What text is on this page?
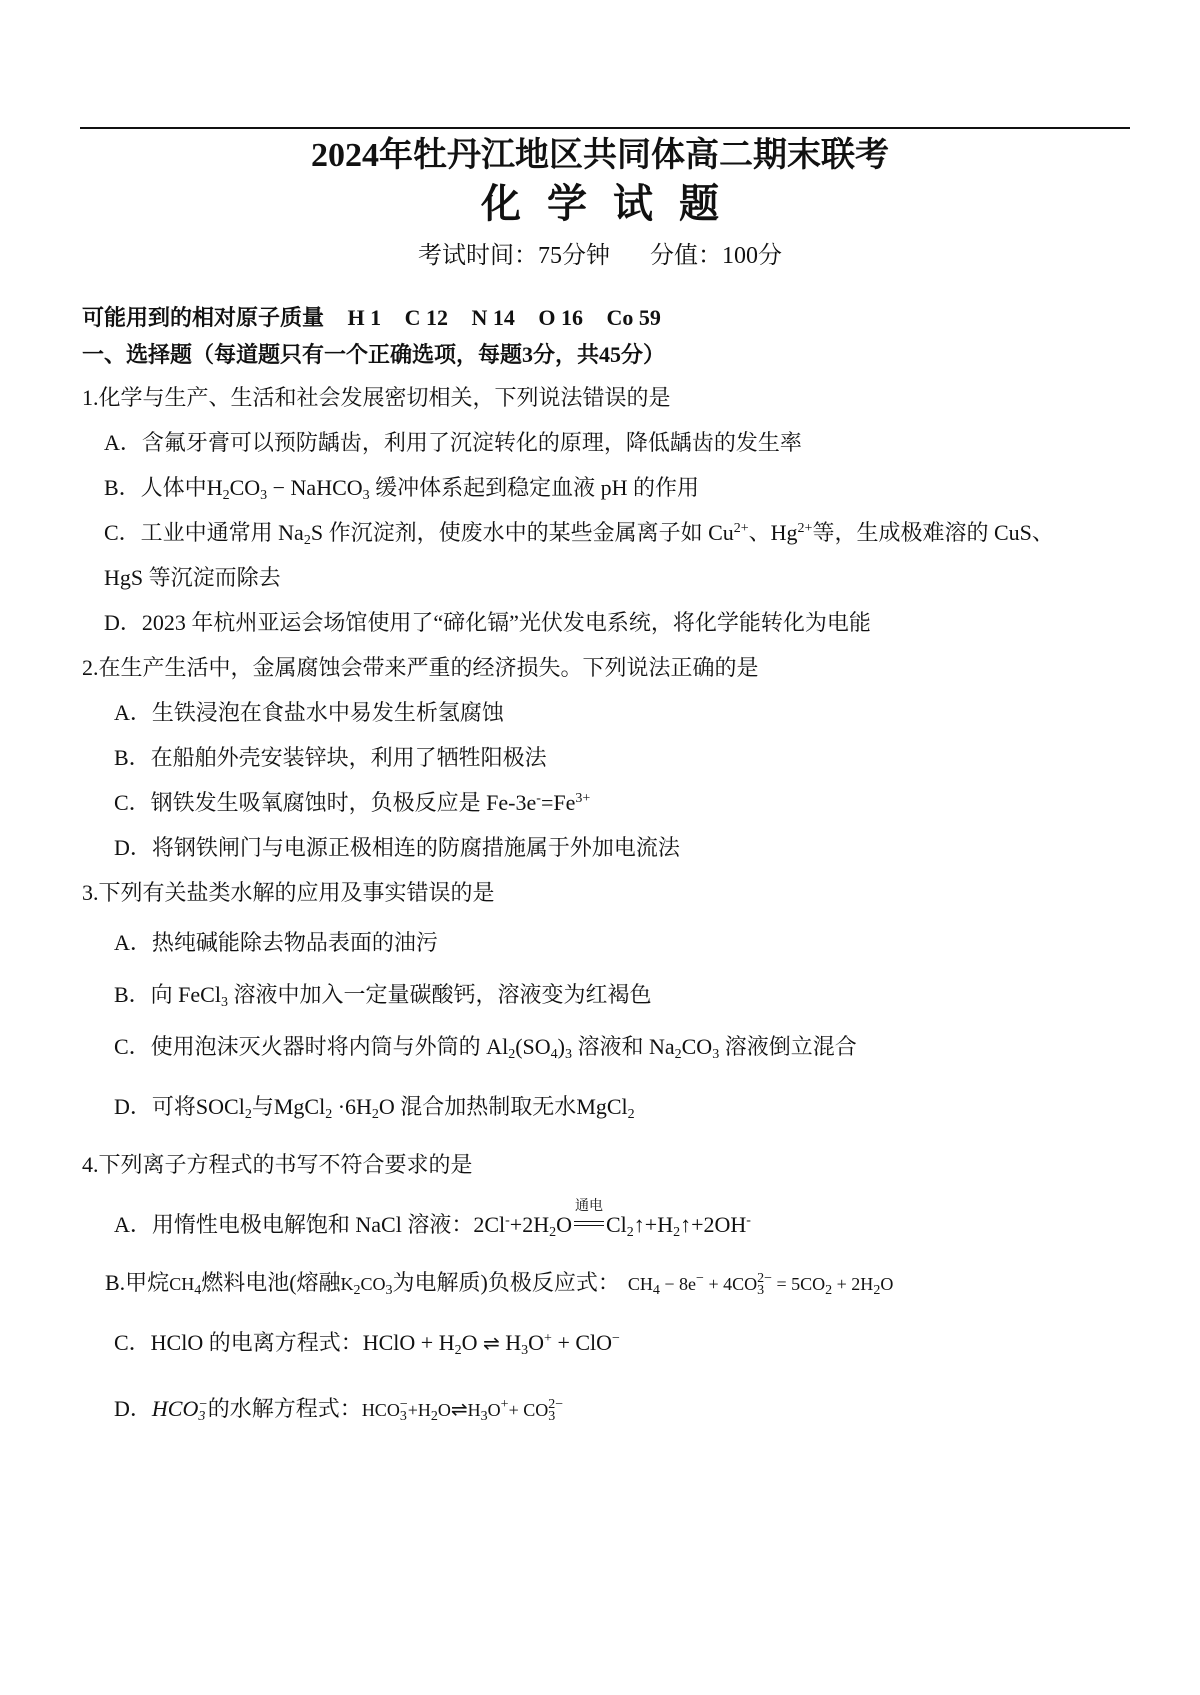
2024年牡丹江地区共同体高二期末联考
化学试题
考试时间：75分钟 分值：100分
可能用到的相对原子质量 H 1 C 12 N 14 O 16 Co 59
一、选择题（每道题只有一个正确选项，每题3分，共45分）
1.化学与生产、生活和社会发展密切相关，下列说法错误的是
A．含氟牙膏可以预防龋齿，利用了沉淀转化的原理，降低龋齿的发生率
B．人体中$H_2CO_3$ − NaHCO$_3$ 缓冲体系起到稳定血液 pH 的作用
C．工业中通常用 $Na_2S$ 作沉淀剂，使废水中的某些金属离子如 $Cu^{2+}$、$Hg^{2+}$等，生成极难溶的 CuS、
HgS 等沉淀而除去
D．2023 年杭州亚运会场馆使用了“碲化镉”光伏发电系统，将化学能转化为电能
2.在生产生活中，金属腐蚀会带来严重的经济损失。下列说法正确的是
A．生铁浸泡在食盐水中易发生析氢腐蚀
B．在船舶外壳安装锌块，利用了牺牲阳极法
C．钢铁发生吸氧腐蚀时，负极反应是 $Fe-3e^-=Fe^{3+}$
D．将钢铁闸门与电源正极相连的防腐措施属于外加电流法
3.下列有关盐类水解的应用及事实错误的是
A．热纯碱能除去物品表面的油污
B．向 FeCl$_3$ 溶液中加入一定量碳酸钙，溶液变为红褐色
C．使用泡沫灭火器时将内筒与外筒的 $Al_2(SO_4)_3$ 溶液和 $Na_2CO_3$ 溶液倒立混合
D．可将SOCl$_2$与MgCl$_2$ $\cdot 6H_2O$ 混合加热制取无水MgCl$_2$
4.下列离子方程式的书写不符合要求的是
A．用惰性电极电解饱和 NaCl 溶液：$2Cl^-+2H_2O$
通电
$Cl_2↑+H_2↑+2OH^-$
B.甲烷$CH_4$燃料电池(熔融$K_2CO_3$为电解质)负极反应式： $CH_4 - 8e^- + 4CO_3^{2-} = 5CO_2 + 2H_2O$
C．HClO 的电离方程式：HClO + $H_2O$ ⇌ $H_3O^+ + ClO^-$
D．$HCO_3^-$的水解方程式：$HCO_3^-+H_2O\rightleftharpoons H_3O^++ CO_3^{2-}$
